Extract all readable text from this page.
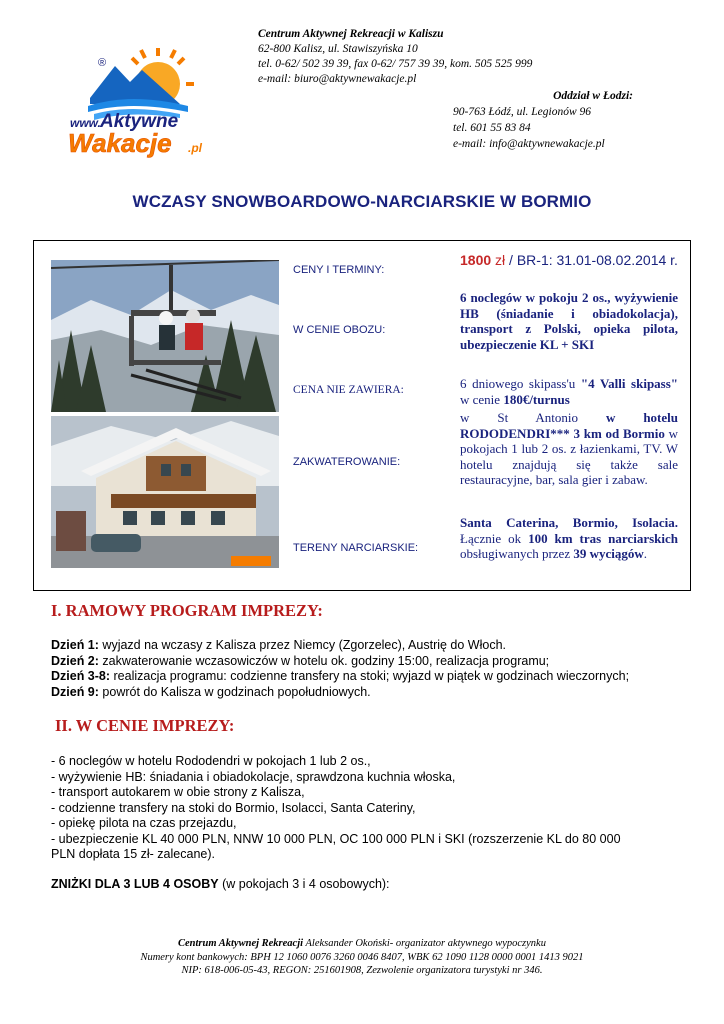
®
www. Aktywne
Wakacje .pl
Centrum Aktywnej Rekreacji w Kaliszu
62-800 Kalisz, ul. Stawiszyńska 10
tel. 0-62/ 502 39 39, fax 0-62/ 757 39 39, kom. 505 525 999
e-mail: biuro@aktywnewakacje.pl
Oddział w Łodzi:
90-763 Łódź, ul. Legionów 96
tel. 601 55 83 84
e-mail: info@aktywnewakacje.pl
WCZASY SNOWBOARDOWO-NARCIARSKIE W BORMIO
CENY I TERMINY:
W CENIE OBOZU:
CENA NIE ZAWIERA:
ZAKWATEROWANIE:
TERENY NARCIARSKIE:
1800 zł / BR-1: 31.01-08.02.2014 r.
6 noclegów w pokoju 2 os., wyżywienie HB (śniadanie i obiadokolacja), transport z Polski, opieka pilota, ubezpieczenie KL + SKI
6 dniowego skipass'u "4 Valli skipass" w cenie 180€/turnus
w St Antonio w hotelu RODODENDRI*** 3 km od Bormio w pokojach 1 lub 2 os. z łazienkami, TV. W hotelu znajdują się także sale restauracyjne, bar, sala gier i zabaw.
Santa Caterina, Bormio, Isolacia. Łącznie ok 100 km tras narciarskich obsługiwanych przez 39 wyciągów.
I. RAMOWY PROGRAM IMPREZY:
Dzień 1: wyjazd na wczasy z Kalisza przez Niemcy (Zgorzelec), Austrię do Włoch.
Dzień 2: zakwaterowanie wczasowiczów w hotelu ok. godziny 15:00, realizacja programu;
Dzień 3-8: realizacja programu: codzienne transfery na stoki; wyjazd w piątek w godzinach wieczornych;
Dzień 9: powrót do Kalisza w godzinach popołudniowych.
II. W CENIE IMPREZY:
- 6 noclegów w hotelu Rododendri w pokojach 1 lub 2 os.,
- wyżywienie HB: śniadania i obiadokolacje, sprawdzona kuchnia włoska,
- transport autokarem w obie strony z Kalisza,
- codzienne transfery na stoki do Bormio, Isolacci, Santa Cateriny,
- opiekę pilota na czas przejazdu,
- ubezpieczenie KL 40 000 PLN, NNW 10 000 PLN, OC 100 000 PLN i SKI (rozszerzenie KL do 80 000
PLN dopłata 15 zł- zalecane).
ZNIŻKI DLA 3 LUB 4 OSOBY (w pokojach 3 i 4 osobowych):
Centrum Aktywnej Rekreacji Aleksander Okoński- organizator aktywnego wypoczynku
Numery kont bankowych: BPH 12 1060 0076 3260 0046 8407, WBK 62 1090 1128 0000 0001 1413 9021
NIP: 618-006-05-43, REGON: 251601908, Zezwolenie organizatora turystyki nr 346.
